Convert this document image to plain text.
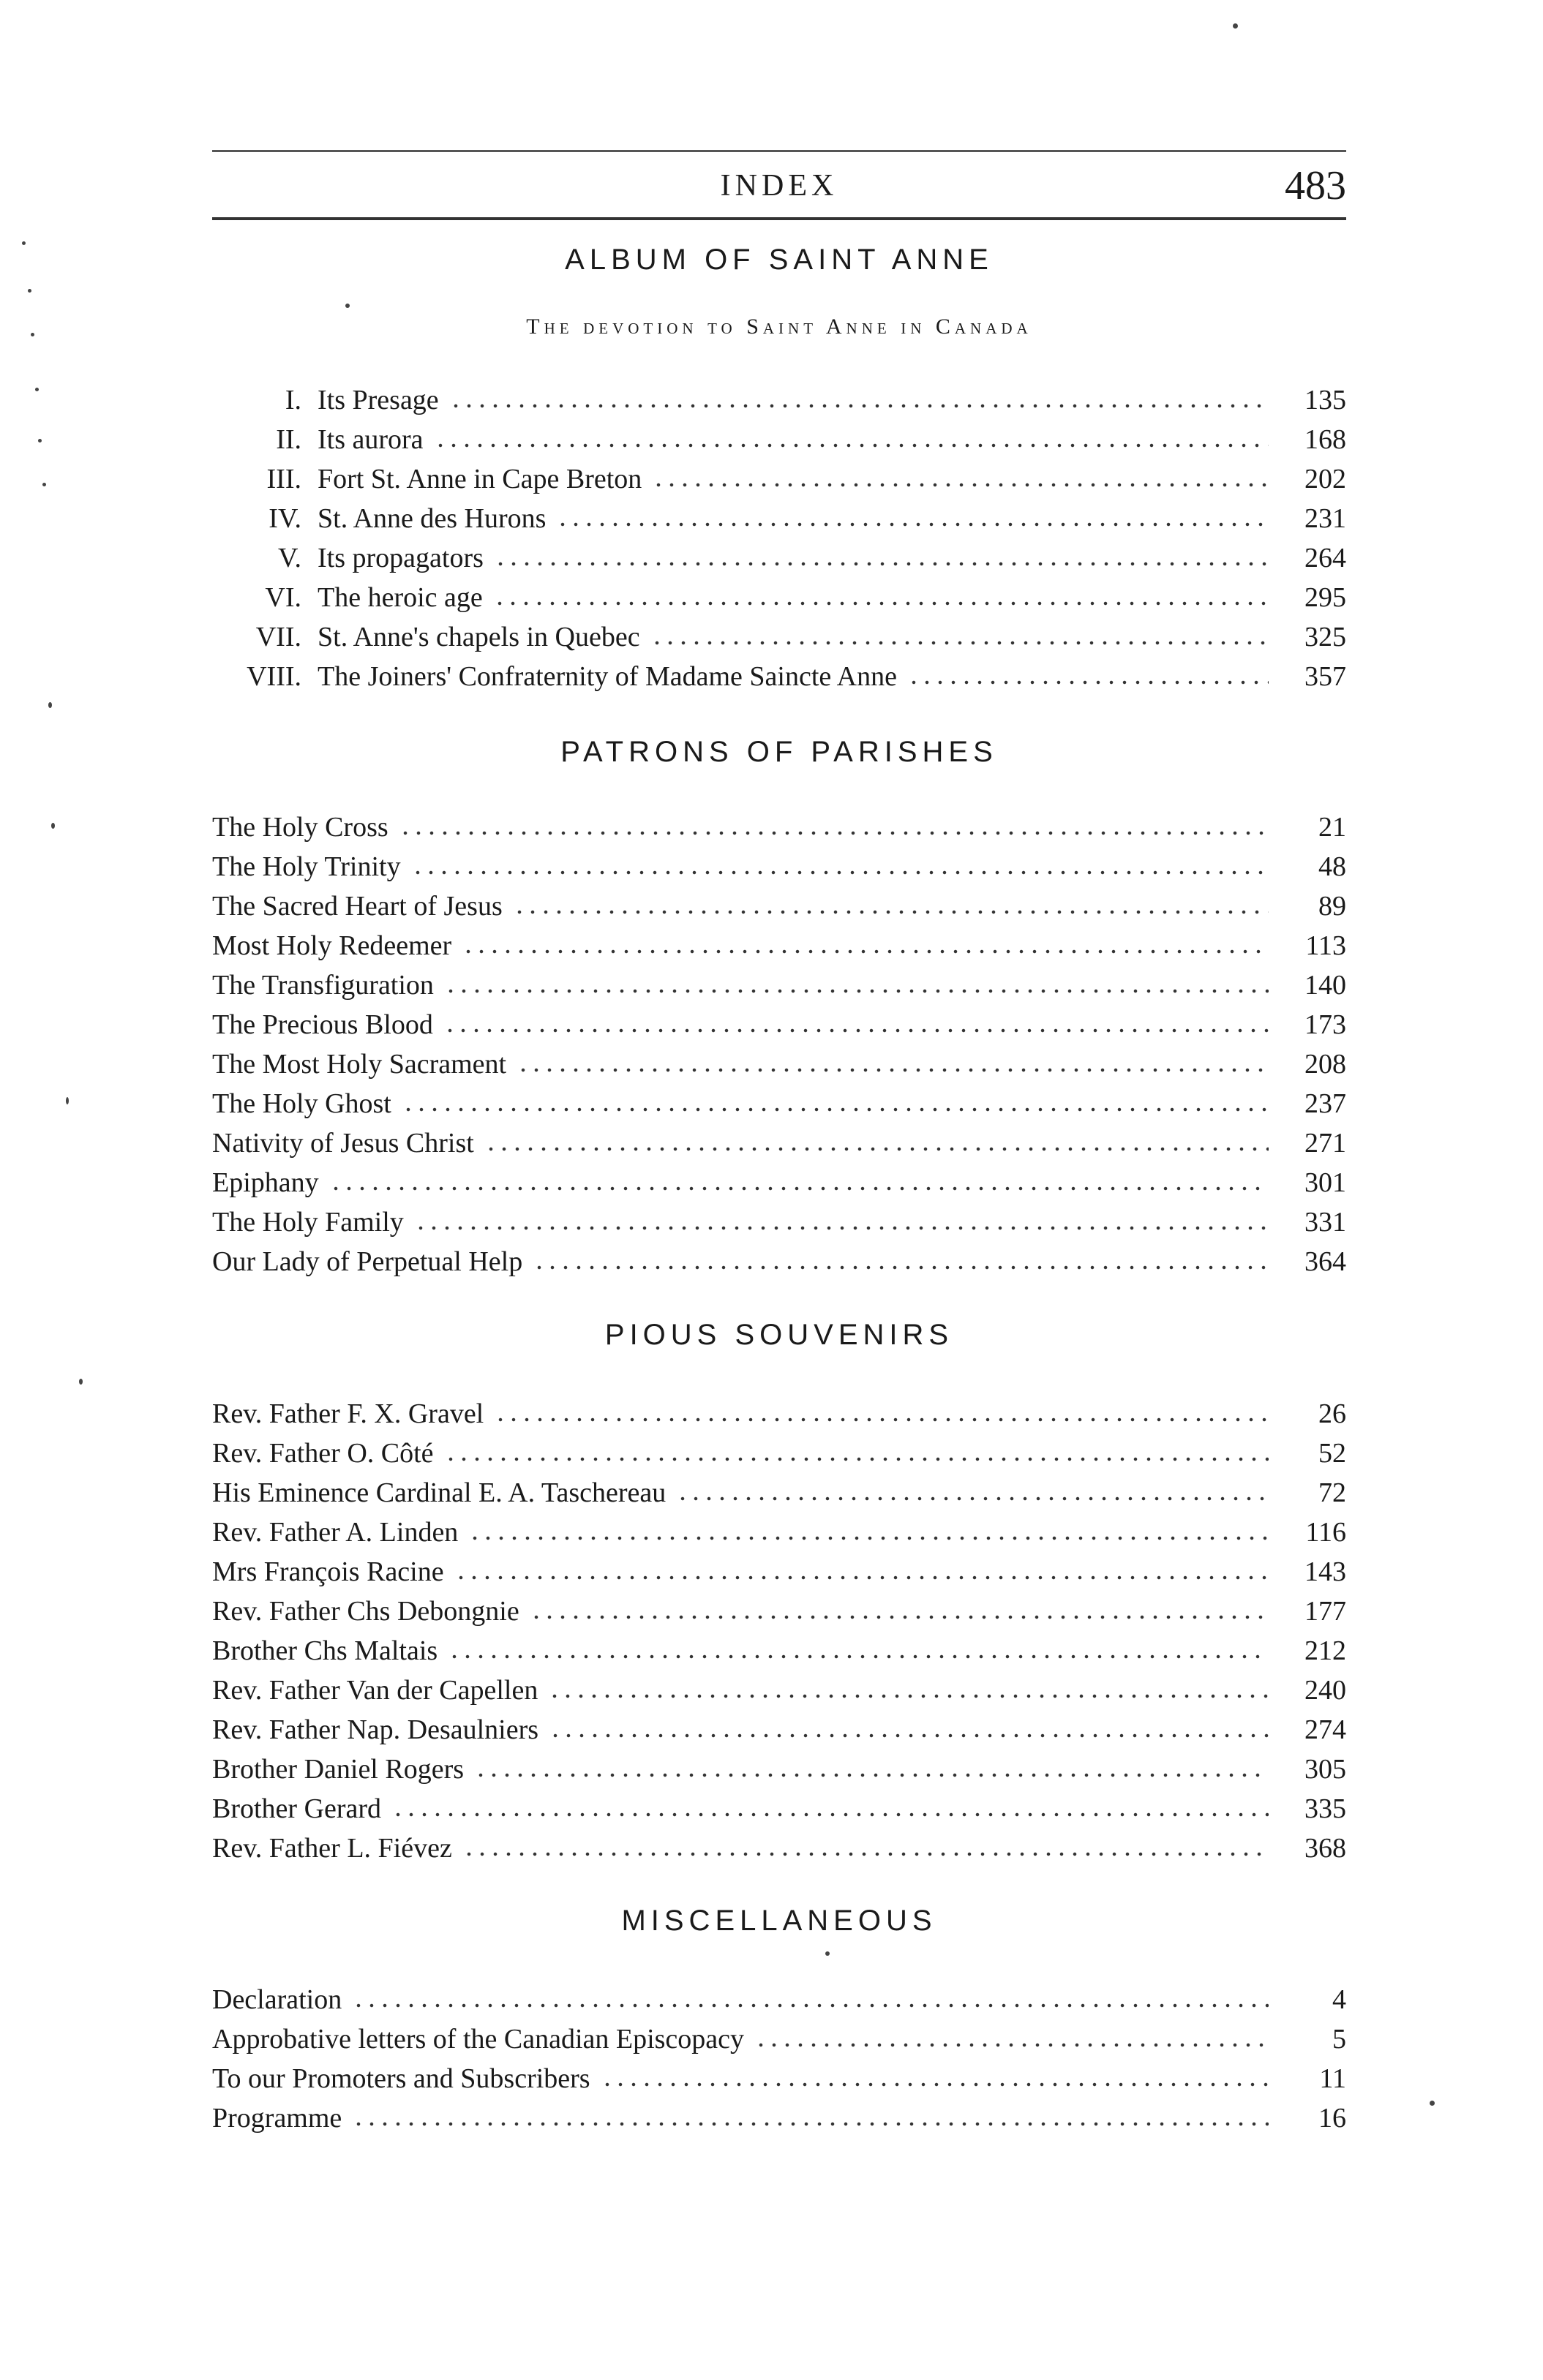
INDEX	483
ALBUM OF SAINT ANNE
The devotion to Saint Anne in Canada
I. Its Presage	135
II. Its aurora	168
III. Fort St. Anne in Cape Breton	202
IV. St. Anne des Hurons	231
V. Its propagators	264
VI. The heroic age	295
VII. St. Anne's chapels in Quebec	325
VIII. The Joiners' Confraternity of Madame Saincte Anne	357
PATRONS OF PARISHES
The Holy Cross	21
The Holy Trinity	48
The Sacred Heart of Jesus	89
Most Holy Redeemer	113
The Transfiguration	140
The Precious Blood	173
The Most Holy Sacrament	208
The Holy Ghost	237
Nativity of Jesus Christ	271
Epiphany	301
The Holy Family	331
Our Lady of Perpetual Help	364
PIOUS SOUVENIRS
Rev. Father F. X. Gravel	26
Rev. Father O. Côté	52
His Eminence Cardinal E. A. Taschereau	72
Rev. Father A. Linden	116
Mrs François Racine	143
Rev. Father Chs Debongnie	177
Brother Chs Maltais	212
Rev. Father Van der Capellen	240
Rev. Father Nap. Desaulniers	274
Brother Daniel Rogers	305
Brother Gerard	335
Rev. Father L. Fiévez	368
MISCELLANEOUS
Declaration	4
Approbative letters of the Canadian Episcopacy	5
To our Promoters and Subscribers	11
Programme	16
